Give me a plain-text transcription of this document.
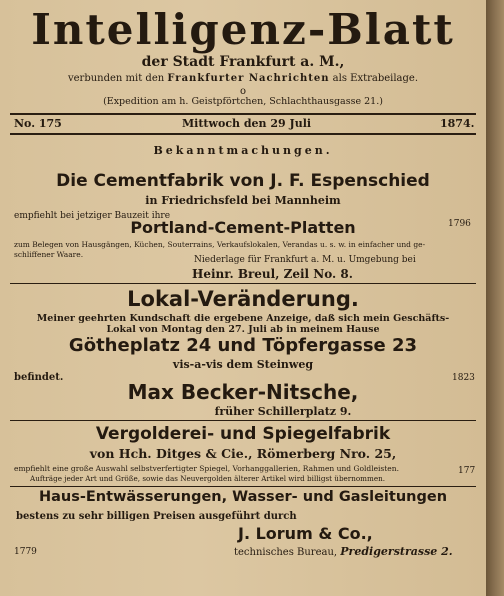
Intelligenz-Blatt
der Stadt Frankfurt a. M.,
verbunden mit den Frankfurter Nachrichten als Extrabeilage.
o
(Expedition am h. Geistpförtchen, Schlachthausgasse 21.)
No. 175	Mittwoch den 29 Juli	1874.
Bekanntmachungen.
Die Cementfabrik von J. F. Espenschied
in Friedrichsfeld bei Mannheim
empfiehlt bei jetziger Bauzeit ihre
1796
Portland-Cement-Platten
zum Belegen von Hausgängen, Küchen, Souterrains, Verkaufslokalen, Verandas u. s. w. in einfacher und ge-
schliffener Waare.
Niederlage für Frankfurt a. M. u. Umgebung bei
Heinr. Breul, Zeil No. 8.
Lokal-Veränderung.
Meiner geehrten Kundschaft die ergebene Anzeige, daß sich mein Geschäfts-
Lokal von Montag den 27. Juli ab in meinem Hause
Götheplatz 24 und Töpfergasse 23
vis-a-vis dem Steinweg
befindet.	1823
Max Becker-Nitsche,
früher Schillerplatz 9.
Vergolderei- und Spiegelfabrik
von Hch. Ditges & Cie., Römerberg Nro. 25,
empfiehlt eine große Auswahl selbstverfertigter Spiegel, Vorhanggallerien, Rahmen und Goldleisten.
Aufträge jeder Art und Größe, sowie das Neuvergolden älterer Artikel wird billigst übernommen.
177
Haus-Entwässerungen, Wasser- und Gasleitungen
bestens zu sehr billigen Preisen ausgeführt durch
J. Lorum & Co.,
1779	technisches Bureau, Predigerstrasse 2.
